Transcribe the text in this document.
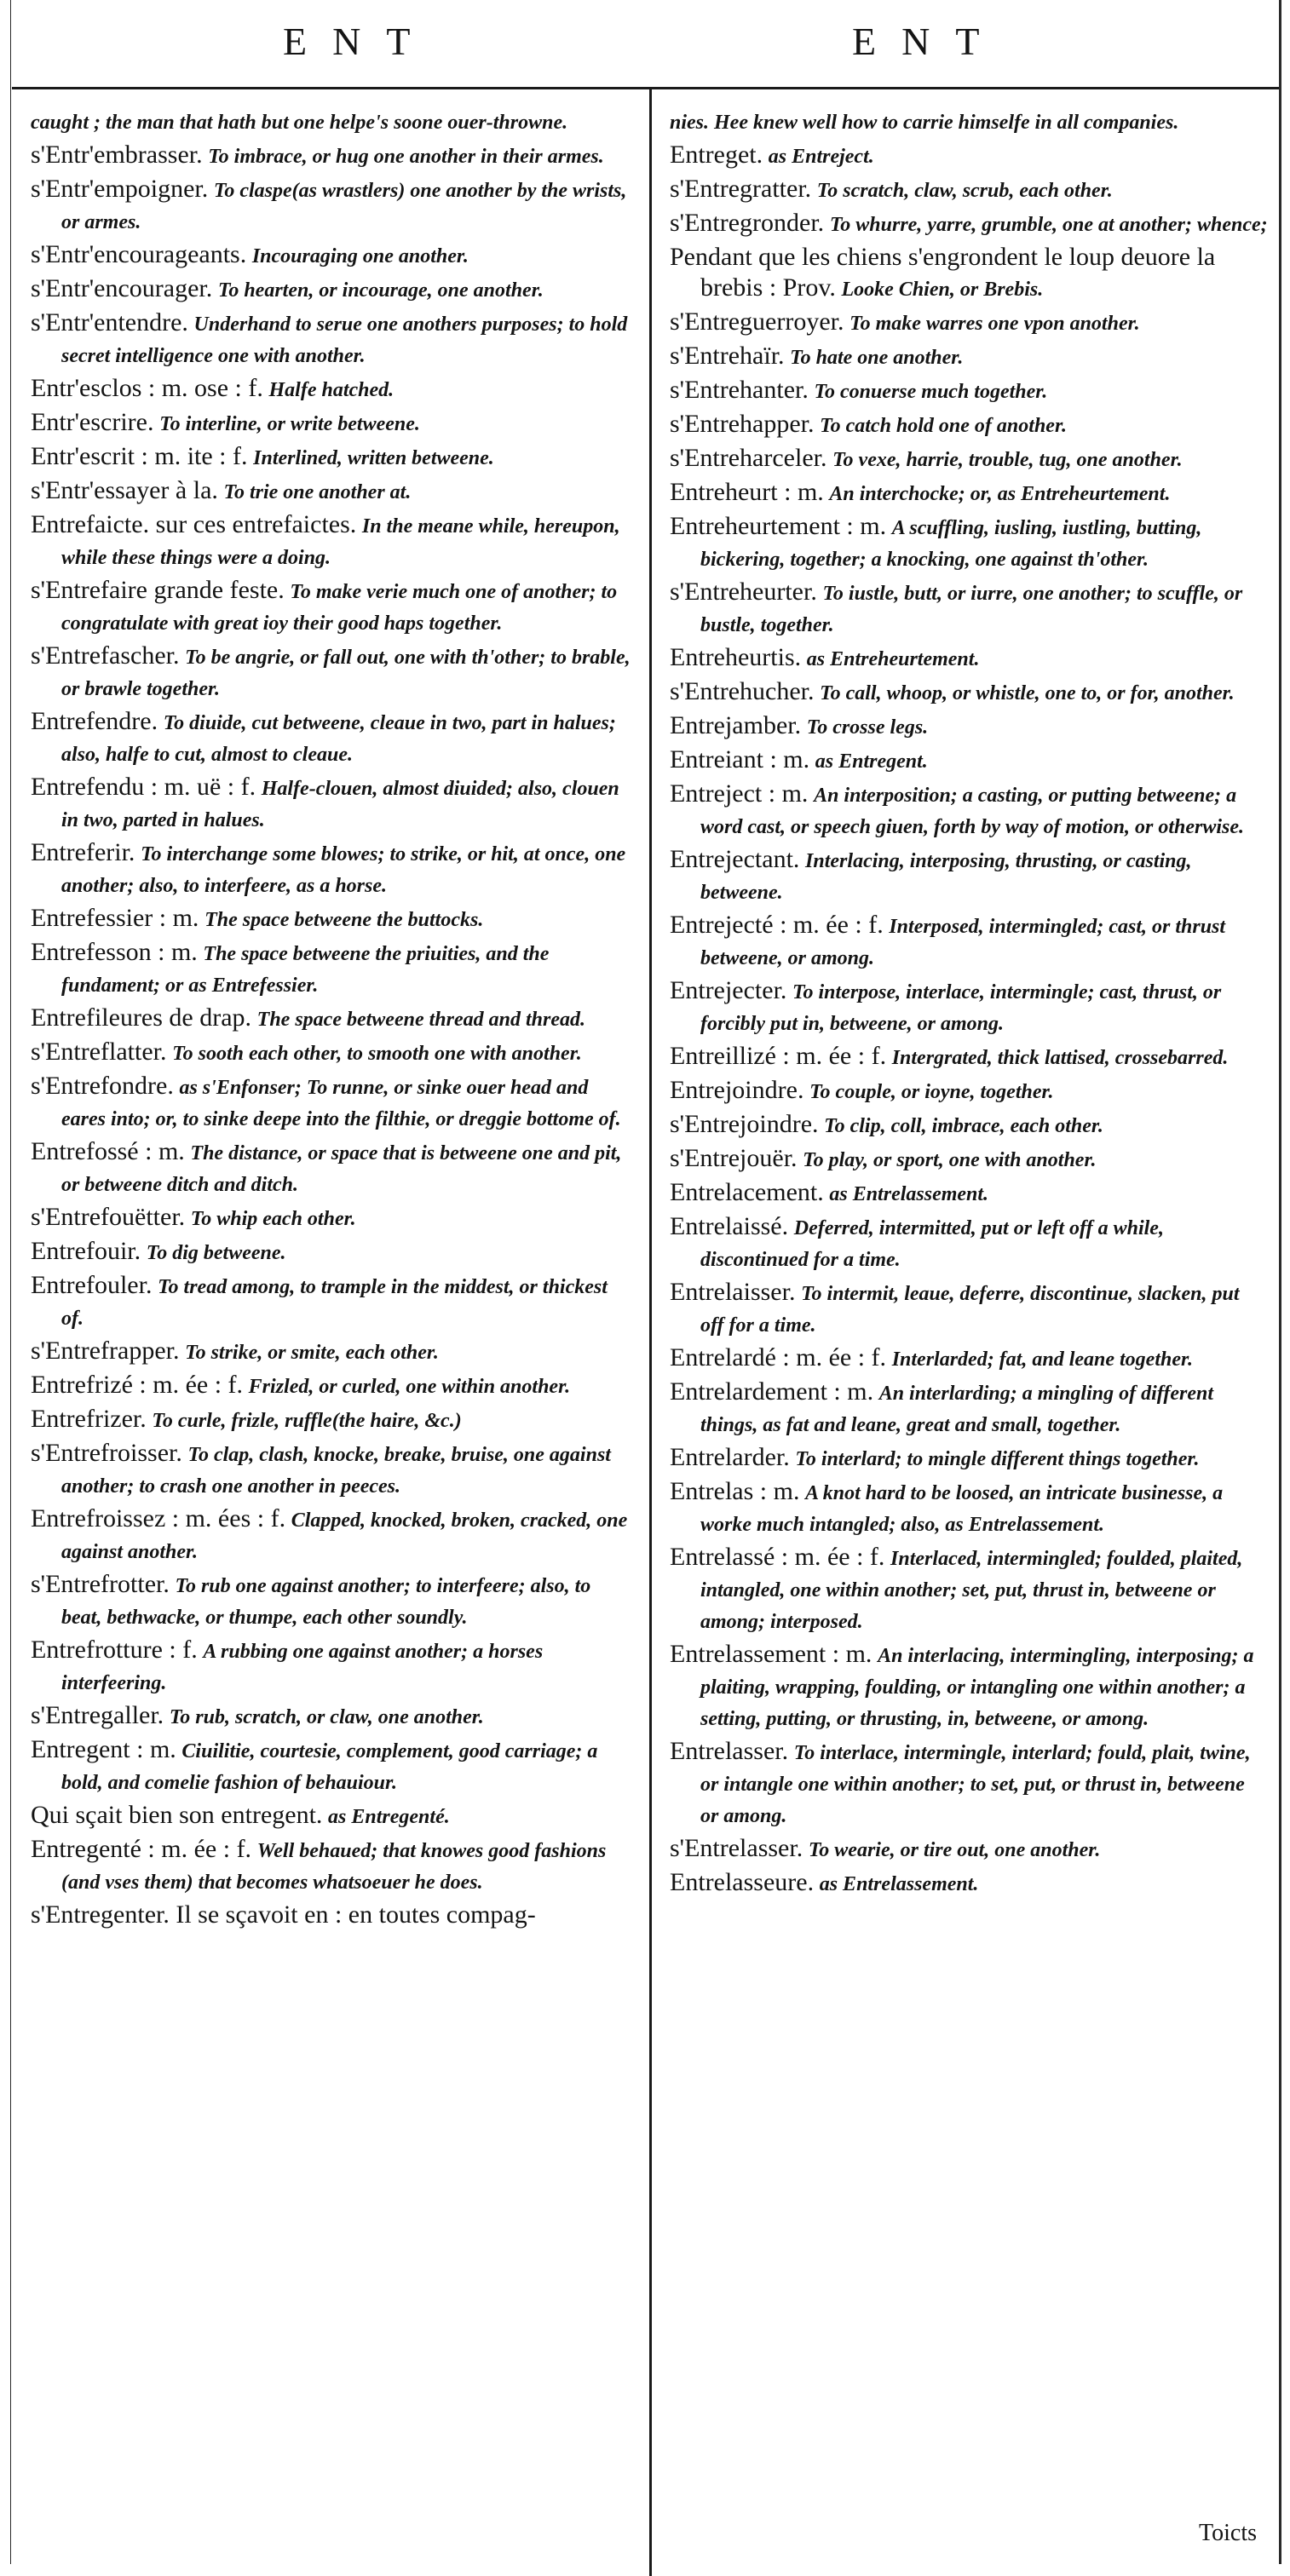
ENT	ENT
caught ; the man that hath but one helpe's soone ouer-throwne.
s'Entr'embrasser. To imbrace, or hug one another in their armes.
s'Entr'empoigner. To claspe(as wrastlers) one another by the wrists, or armes.
s'Entr'encourageants. Incouraging one another.
s'Entr'encourager. To hearten, or incourage, one another.
s'Entr'entendre. Underhand to serue one anothers purposes; to hold secret intelligence one with another.
Entr'esclos : m. ose : f. Halfe hatched.
Entr'escrire. To interline, or write betweene.
Entr'escrit : m. ite : f. Interlined, written betweene.
s'Entr'essayer à la. To trie one another at.
Entrefaicte. sur ces entrefaictes. In the meane while, hereupon, while these things were a doing.
s'Entrefaire grande feste. To make verie much one of another; to congratulate with great ioy their good haps together.
s'Entrefascher. To be angrie, or fall out, one with th'other; to brable, or brawle together.
Entrefendre. To diuide, cut betweene, cleaue in two, part in halues; also, halfe to cut, almost to cleaue.
Entrefendu : m. uë : f. Halfe-clouen, almost diuided; also, clouen in two, parted in halues.
Entreferir. To interchange some blowes; to strike, or hit, at once, one another; also, to interfeere, as a horse.
Entrefessier : m. The space betweene the buttocks.
Entrefesson : m. The space betweene the priuities, and the fundament; or as Entrefessier.
Entrefileures de drap. The space betweene thread and thread.
s'Entreflatter. To sooth each other, to smooth one with another.
s'Entrefondre. as s'Enfonser; To runne, or sinke ouer head and eares into; or, to sinke deepe into the filthie, or dreggie bottome of.
Entrefossé : m. The distance, or space that is betweene one and pit, or betweene ditch and ditch.
s'Entrefouëtter. To whip each other.
Entrefouir. To dig betweene.
Entrefouler. To tread among, to trample in the middest, or thickest of.
s'Entrefrapper. To strike, or smite, each other.
Entrefrizé : m. ée : f. Frizled, or curled, one within another.
Entrefrizer. To curle, frizle, ruffle(the haire, &c.)
s'Entrefroisser. To clap, clash, knocke, breake, bruise, one against another; to crash one another in peeces.
Entrefroissez : m. ées : f. Clapped, knocked, broken, cracked, one against another.
s'Entrefrotter. To rub one against another; to interfeere; also, to beat, bethwacke, or thumpe, each other soundly.
Entrefrotture : f. A rubbing one against another; a horses interfeering.
s'Entregaller. To rub, scratch, or claw, one another.
Entregent : m. Ciuilitie, courtesie, complement, good carriage; a bold, and comelie fashion of behauiour.
Qui sçait bien son entregent. as Entregenté.
Entregenté : m. ée : f. Well behaued; that knowes good fashions (and vses them) that becomes whatsoeuer he does.
s'Entregenter. Il se sçavoit en : en toutes compag-
nies. Hee knew well how to carrie himselfe in all companies.
Entreget. as Entreject.
s'Entregratter. To scratch, claw, scrub, each other.
s'Entregronder. To whurre, yarre, grumble, one at another; whence;
Pendant que les chiens s'engrondent le loup deuore la brebis : Prov. Looke Chien, or Brebis.
s'Entreguerroyer. To make warres one vpon another.
s'Entrehaïr. To hate one another.
s'Entrehanter. To conuerse much together.
s'Entrehapper. To catch hold one of another.
s'Entreharceler. To vexe, harrie, trouble, tug, one another.
Entreheurt : m. An interchocke; or, as Entreheurtement.
Entreheurtement : m. A scuffling, iusling, iustling, butting, bickering, together; a knocking, one against th'other.
s'Entreheurter. To iustle, butt, or iurre, one another; to scuffle, or bustle, together.
Entreheurtis. as Entreheurtement.
s'Entrehucher. To call, whoop, or whistle, one to, or for, another.
Entrejamber. To crosse legs.
Entreiant : m. as Entregent.
Entreject : m. An interposition; a casting, or putting betweene; a word cast, or speech giuen, forth by way of motion, or otherwise.
Entrejectant. Interlacing, interposing, thrusting, or casting, betweene.
Entrejecté : m. ée : f. Interposed, intermingled; cast, or thrust betweene, or among.
Entrejecter. To interpose, interlace, intermingle; cast, thrust, or forcibly put in, betweene, or among.
Entreillizé : m. ée : f. Intergrated, thick lattised, crossebarred.
Entrejoindre. To couple, or ioyne, together.
s'Entrejoindre. To clip, coll, imbrace, each other.
s'Entrejouër. To play, or sport, one with another.
Entrelacement. as Entrelassement.
Entrelaissé. Deferred, intermitted, put or left off a while, discontinued for a time.
Entrelaisser. To intermit, leaue, deferre, discontinue, slacken, put off for a time.
Entrelardé : m. ée : f. Interlarded; fat, and leane together.
Entrelardement : m. An interlarding; a mingling of different things, as fat and leane, great and small, together.
Entrelarder. To interlard; to mingle different things together.
Entrelas : m. A knot hard to be loosed, an intricate businesse, a worke much intangled; also, as Entrelassement.
Entrelassé : m. ée : f. Interlaced, intermingled; foulded, plaited, intangled, one within another; set, put, thrust in, betweene or among; interposed.
Entrelassement : m. An interlacing, intermingling, interposing; a plaiting, wrapping, foulding, or intangling one within another; a setting, putting, or thrusting, in, betweene, or among.
Entrelasser. To interlace, intermingle, interlard; fould, plait, twine, or intangle one within another; to set, put, or thrust in, betweene or among.
s'Entrelasser. To wearie, or tire out, one another.
Entrelasseure. as Entrelassement.
Toicts
